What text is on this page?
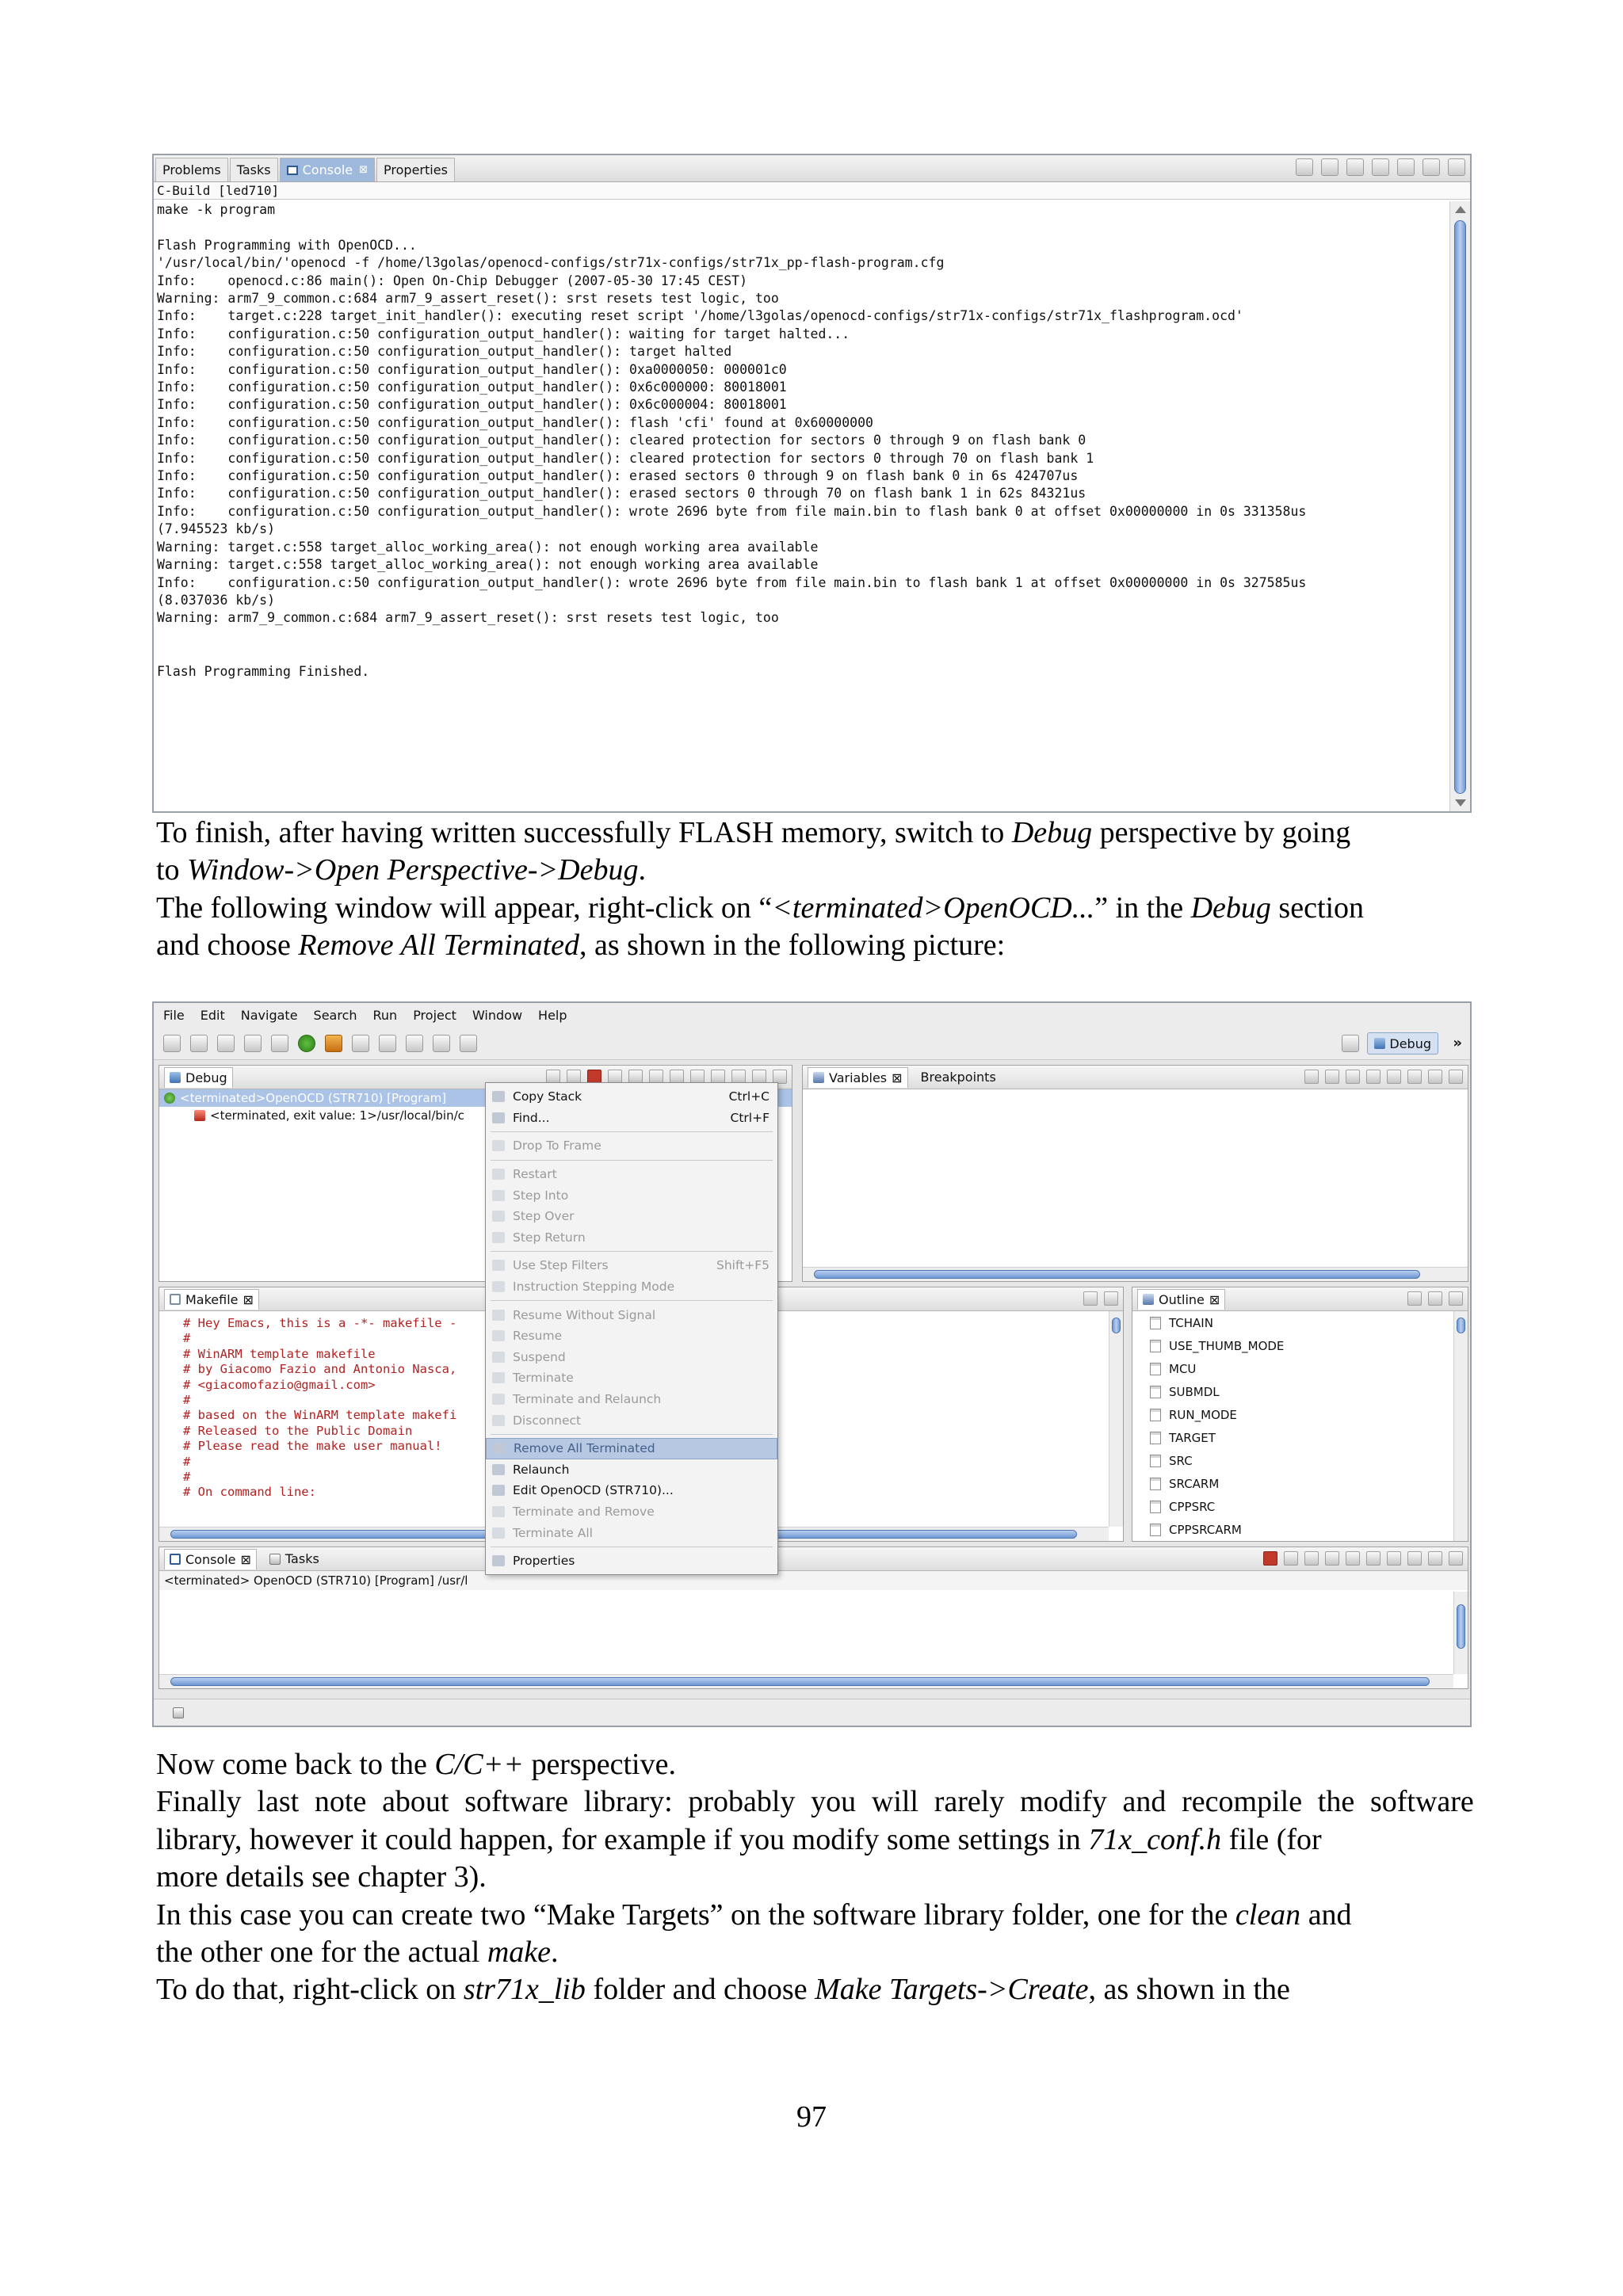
Problems	Tasks	Console ⊠	Properties
C-Build [led710]
make -k program
Flash Programming with OpenOCD...
'/usr/local/bin/'openocd -f /home/l3golas/openocd-configs/str71x-configs/str71x_pp-flash-program.cfg
Info:    openocd.c:86 main(): Open On-Chip Debugger (2007-05-30 17:45 CEST)
Warning: arm7_9_common.c:684 arm7_9_assert_reset(): srst resets test logic, too
Info:    target.c:228 target_init_handler(): executing reset script '/home/l3golas/openocd-configs/str71x-configs/str71x_flashprogram.ocd'
Info:    configuration.c:50 configuration_output_handler(): waiting for target halted...
Info:    configuration.c:50 configuration_output_handler(): target halted
Info:    configuration.c:50 configuration_output_handler(): 0xa0000050: 000001c0
Info:    configuration.c:50 configuration_output_handler(): 0x6c000000: 80018001
Info:    configuration.c:50 configuration_output_handler(): 0x6c000004: 80018001
Info:    configuration.c:50 configuration_output_handler(): flash 'cfi' found at 0x60000000
Info:    configuration.c:50 configuration_output_handler(): cleared protection for sectors 0 through 9 on flash bank 0
Info:    configuration.c:50 configuration_output_handler(): cleared protection for sectors 0 through 70 on flash bank 1
Info:    configuration.c:50 configuration_output_handler(): erased sectors 0 through 9 on flash bank 0 in 6s 424707us
Info:    configuration.c:50 configuration_output_handler(): erased sectors 0 through 70 on flash bank 1 in 62s 84321us
Info:    configuration.c:50 configuration_output_handler(): wrote 2696 byte from file main.bin to flash bank 0 at offset 0x00000000 in 0s 331358us
(7.945523 kb/s)
Warning: target.c:558 target_alloc_working_area(): not enough working area available
Warning: target.c:558 target_alloc_working_area(): not enough working area available
Info:    configuration.c:50 configuration_output_handler(): wrote 2696 byte from file main.bin to flash bank 1 at offset 0x00000000 in 0s 327585us
(8.037036 kb/s)
Warning: arm7_9_common.c:684 arm7_9_assert_reset(): srst resets test logic, too
Flash Programming Finished.
To finish, after having written successfully FLASH memory, switch to Debug perspective by going
to Window->Open Perspective->Debug.
The following window will appear, right-click on “<terminated>OpenOCD...” in the Debug section
and choose Remove All Terminated, as shown in the following picture:
File Edit Navigate Search Run Project Window Help

Debug »
Debug
<terminated>OpenOCD (STR710) [Program]
<terminated, exit value: 1>/usr/local/bin/c
Variables ⊠ Breakpoints
Makefile ⊠
# Hey Emacs, this is a -*- makefile -
#
# WinARM template makefile
# by Giacomo Fazio and Antonio Nasca,
# <giacomofazio@gmail.com>
#
# based on the WinARM template makefi
# Released to the Public Domain
# Please read the make user manual!
#
#
# On command line:
Outline ⊠
TCHAIN
USE_THUMB_MODE
MCU
SUBMDL
RUN_MODE
TARGET
SRC
SRCARM
CPPSRC
CPPSRCARM
Console ⊠	Tasks
<terminated> OpenOCD (STR710) [Program] /usr/l
Copy Stack	Ctrl+C
Find...	Ctrl+F
Drop To Frame
Restart
Step Into
Step Over
Step Return
Use Step Filters	Shift+F5
Instruction Stepping Mode
Resume Without Signal
Resume
Suspend
Terminate
Terminate and Relaunch
Disconnect
Remove All Terminated
Relaunch
Edit OpenOCD (STR710)...
Terminate and Remove
Terminate All
Properties
Now come back to the C/C++ perspective.
Finally last note about software library: probably you will rarely modify and recompile the software
library, however it could happen, for example if you modify some settings in 71x_conf.h file (for
more details see chapter 3).
In this case you can create two “Make Targets” on the software library folder, one for the clean and
the other one for the actual make.
To do that, right-click on str71x_lib folder and choose Make Targets->Create, as shown in the
97
